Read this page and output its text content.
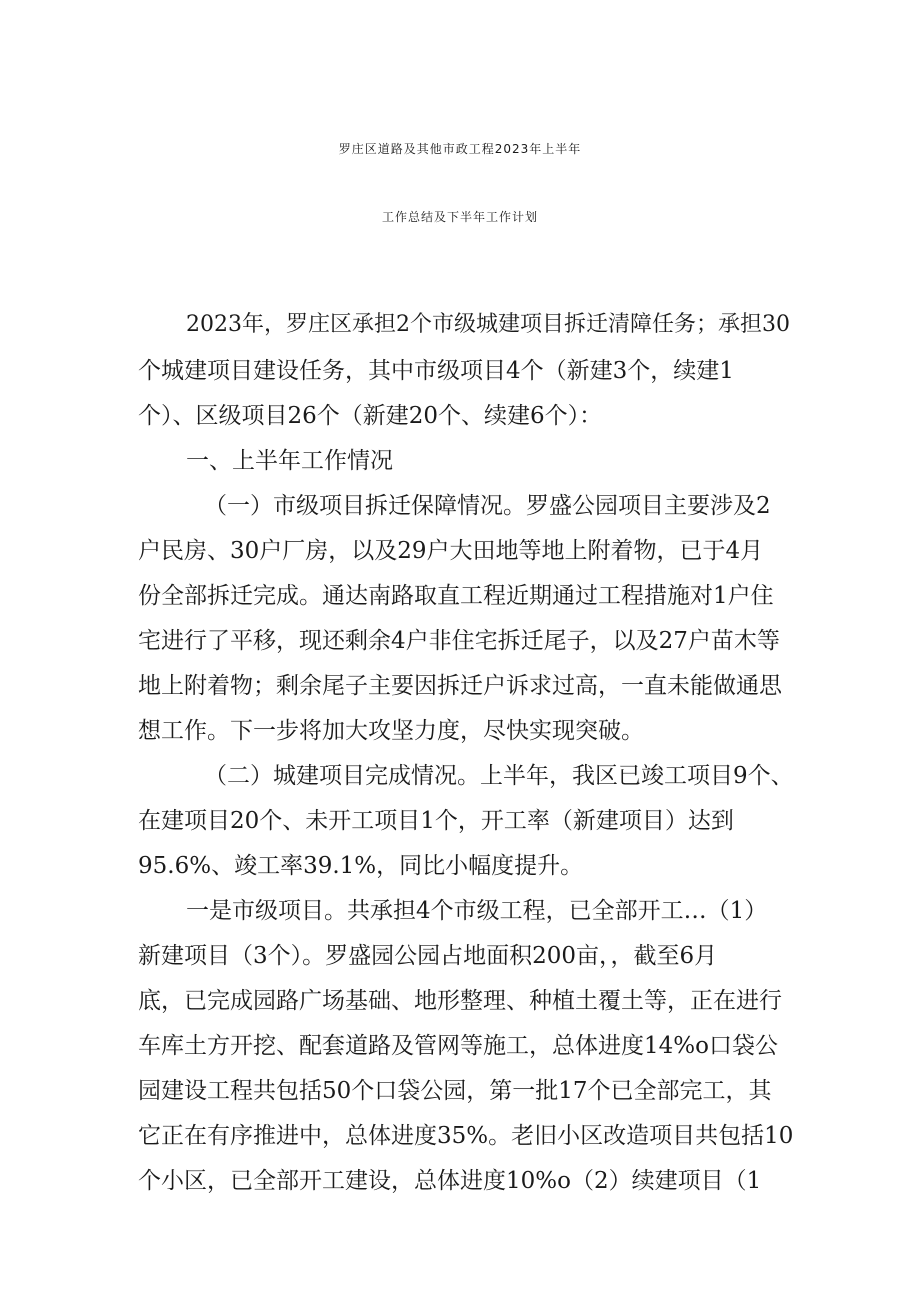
罗庄区道路及其他市政工程2023年上半年
工作总结及下半年工作计划
2023年，罗庄区承担2个市级城建项目拆迁清障任务；承担30
个城建项目建设任务，其中市级项目4个（新建3个，续建1
个）、区级项目26个（新建20个、续建6个）：
一、上半年工作情况
（一）市级项目拆迁保障情况。罗盛公园项目主要涉及2
户民房、30户厂房，以及29户大田地等地上附着物，已于4月
份全部拆迁完成。通达南路取直工程近期通过工程措施对1户住
宅进行了平移，现还剩余4户非住宅拆迁尾子，以及27户苗木等
地上附着物；剩余尾子主要因拆迁户诉求过高，一直未能做通思
想工作。下一步将加大攻坚力度，尽快实现突破。
（二）城建项目完成情况。上半年，我区已竣工项目9个、
在建项目20个、未开工项目1个，开工率（新建项目）达到
95.6%、竣工率39.1%，同比小幅度提升。
一是市级项目。共承担4个市级工程，已全部开工…（1）
新建项目（3个）。罗盛园公园占地面积200亩，，截至6月
底，已完成园路广场基础、地形整理、种植土覆土等，正在进行
车库土方开挖、配套道路及管网等施工，总体进度14%o口袋公
园建设工程共包括50个口袋公园，第一批17个已全部完工，其
它正在有序推进中，总体进度35%。老旧小区改造项目共包括10
个小区，已全部开工建设，总体进度10%o（2）续建项目（1
